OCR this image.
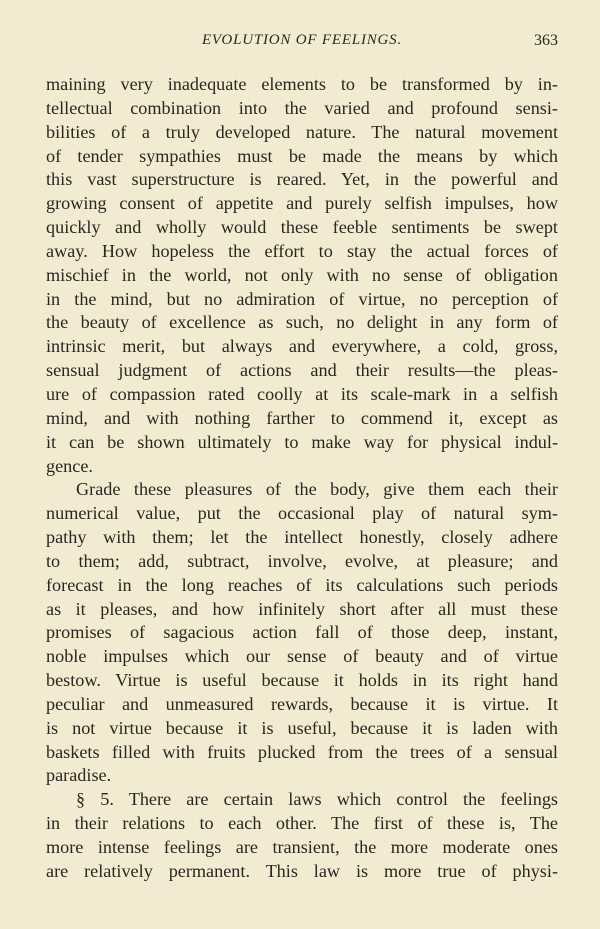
EVOLUTION OF FEELINGS.	363
maining very inadequate elements to be transformed by in-
tellectual combination into the varied and profound sensi-
bilities of a truly developed nature. The natural movement
of tender sympathies must be made the means by which
this vast superstructure is reared. Yet, in the powerful and
growing consent of appetite and purely selfish impulses, how
quickly and wholly would these feeble sentiments be swept
away. How hopeless the effort to stay the actual forces of
mischief in the world, not only with no sense of obligation
in the mind, but no admiration of virtue, no perception of
the beauty of excellence as such, no delight in any form of
intrinsic merit, but always and everywhere, a cold, gross,
sensual judgment of actions and their results—the pleas-
ure of compassion rated coolly at its scale-mark in a selfish
mind, and with nothing farther to commend it, except as
it can be shown ultimately to make way for physical indul-
gence.
Grade these pleasures of the body, give them each their
numerical value, put the occasional play of natural sym-
pathy with them; let the intellect honestly, closely adhere
to them; add, subtract, involve, evolve, at pleasure; and
forecast in the long reaches of its calculations such periods
as it pleases, and how infinitely short after all must these
promises of sagacious action fall of those deep, instant,
noble impulses which our sense of beauty and of virtue
bestow. Virtue is useful because it holds in its right hand
peculiar and unmeasured rewards, because it is virtue. It
is not virtue because it is useful, because it is laden with
baskets filled with fruits plucked from the trees of a sensual
paradise.
§ 5. There are certain laws which control the feelings
in their relations to each other. The first of these is, The
more intense feelings are transient, the more moderate ones
are relatively permanent. This law is more true of physi-
